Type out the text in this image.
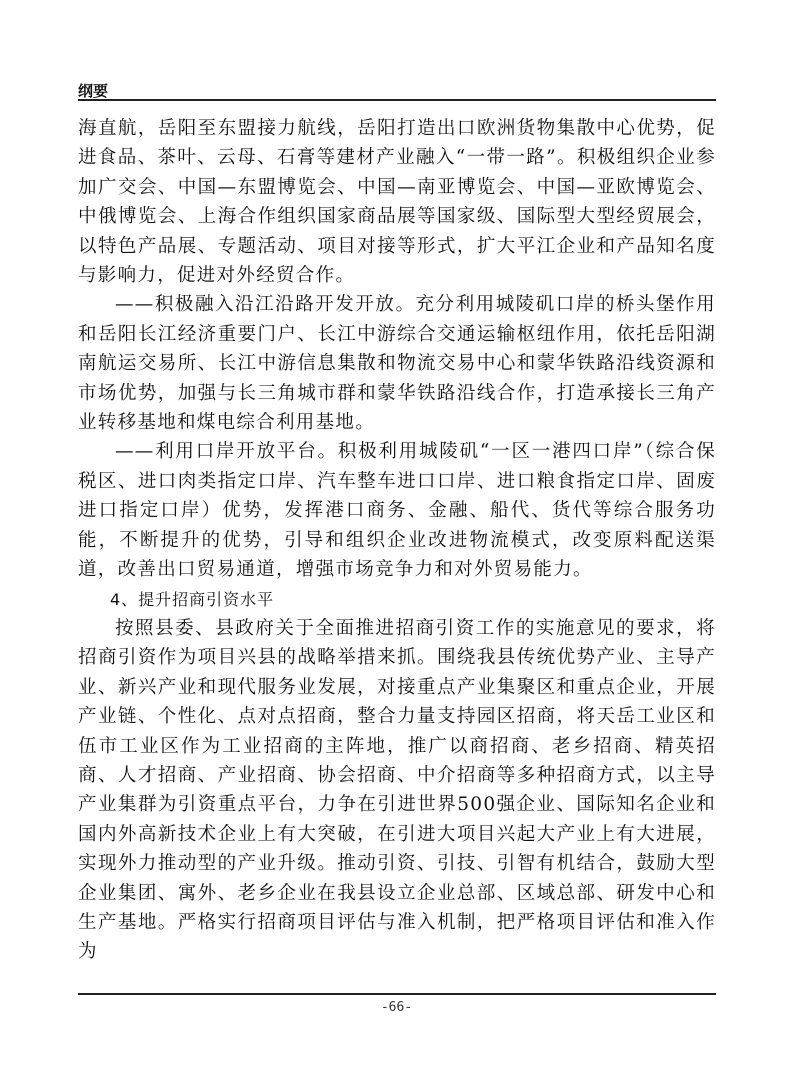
纲要

海直航，岳阳至东盟接力航线，岳阳打造出口欧洲货物集散中心优势，促进食品、茶叶、云母、石膏等建材产业融入“一带一路”。积极组织企业参加广交会、中国—东盟博览会、中国—南亚博览会、中国—亚欧博览会、中俄博览会、上海合作组织国家商品展等国家级、国际型大型经贸展会，以特色产品展、专题活动、项目对接等形式，扩大平江企业和产品知名度与影响力，促进对外经贸合作。

——积极融入沿江沿路开发开放。充分利用城陵矶口岸的桥头堡作用和岳阳长江经济重要门户、长江中游综合交通运输枢纽作用，依托岳阳湖南航运交易所、长江中游信息集散和物流交易中心和蒙华铁路沿线资源和市场优势，加强与长三角城市群和蒙华铁路沿线合作，打造承接长三角产业转移基地和煤电综合利用基地。

——利用口岸开放平台。积极利用城陵矶“一区一港四口岸”（综合保税区、进口肉类指定口岸、汽车整车进口口岸、进口粮食指定口岸、固废进口指定口岸）优势，发挥港口商务、金融、船代、货代等综合服务功能，不断提升的优势，引导和组织企业改进物流模式，改变原料配送渠道，改善出口贸易通道，增强市场竞争力和对外贸易能力。

4、提升招商引资水平

按照县委、县政府关于全面推进招商引资工作的实施意见的要求，将招商引资作为项目兴县的战略举措来抓。围绕我县传统优势产业、主导产业、新兴产业和现代服务业发展，对接重点产业集聚区和重点企业，开展产业链、个性化、点对点招商，整合力量支持园区招商，将天岳工业区和伍市工业区作为工业招商的主阵地，推广以商招商、老乡招商、精英招商、人才招商、产业招商、协会招商、中介招商等多种招商方式，以主导产业集群为引资重点平台，力争在引进世界500强企业、国际知名企业和国内外高新技术企业上有大突破，在引进大项目兴起大产业上有大进展，实现外力推动型的产业升级。推动引资、引技、引智有机结合，鼓励大型企业集团、寓外、老乡企业在我县设立企业总部、区域总部、研发中心和生产基地。严格实行招商项目评估与准入机制，把严格项目评估和准入作为

-66-
